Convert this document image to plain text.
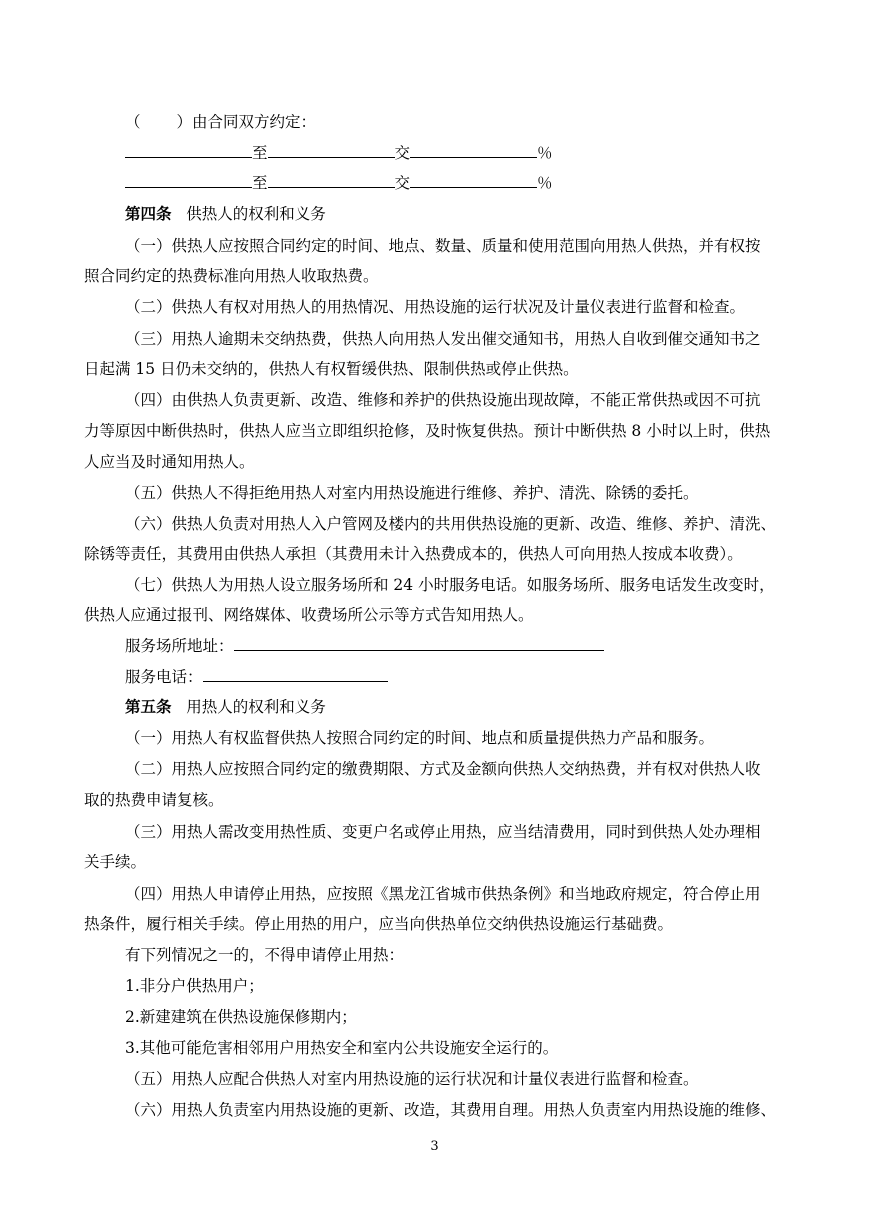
（ ）由合同双方约定：
至	交	％
至	交	％
第四条 供热人的权利和义务
（一）供热人应按照合同约定的时间、地点、数量、质量和使用范围向用热人供热，并有权按
照合同约定的热费标准向用热人收取热费。
（二）供热人有权对用热人的用热情况、用热设施的运行状况及计量仪表进行监督和检查。
（三）用热人逾期未交纳热费，供热人向用热人发出催交通知书，用热人自收到催交通知书之
日起满 15 日仍未交纳的，供热人有权暂缓供热、限制供热或停止供热。
（四）由供热人负责更新、改造、维修和养护的供热设施出现故障，不能正常供热或因不可抗
力等原因中断供热时，供热人应当立即组织抢修，及时恢复供热。预计中断供热 8 小时以上时，供热
人应当及时通知用热人。
（五）供热人不得拒绝用热人对室内用热设施进行维修、养护、清洗、除锈的委托。
（六）供热人负责对用热人入户管网及楼内的共用供热设施的更新、改造、维修、养护、清洗、
除锈等责任，其费用由供热人承担（其费用未计入热费成本的，供热人可向用热人按成本收费）。
（七）供热人为用热人设立服务场所和 24 小时服务电话。如服务场所、服务电话发生改变时，
供热人应通过报刊、网络媒体、收费场所公示等方式告知用热人。
服务场所地址：
服务电话：
第五条 用热人的权利和义务
（一）用热人有权监督供热人按照合同约定的时间、地点和质量提供热力产品和服务。
（二）用热人应按照合同约定的缴费期限、方式及金额向供热人交纳热费，并有权对供热人收
取的热费申请复核。
（三）用热人需改变用热性质、变更户名或停止用热，应当结清费用，同时到供热人处办理相
关手续。
（四）用热人申请停止用热，应按照《黑龙江省城市供热条例》和当地政府规定，符合停止用
热条件，履行相关手续。停止用热的用户，应当向供热单位交纳供热设施运行基础费。
有下列情况之一的，不得申请停止用热：
1.非分户供热用户；
2.新建建筑在供热设施保修期内；
3.其他可能危害相邻用户用热安全和室内公共设施安全运行的。
（五）用热人应配合供热人对室内用热设施的运行状况和计量仪表进行监督和检查。
（六）用热人负责室内用热设施的更新、改造，其费用自理。用热人负责室内用热设施的维修、
3
